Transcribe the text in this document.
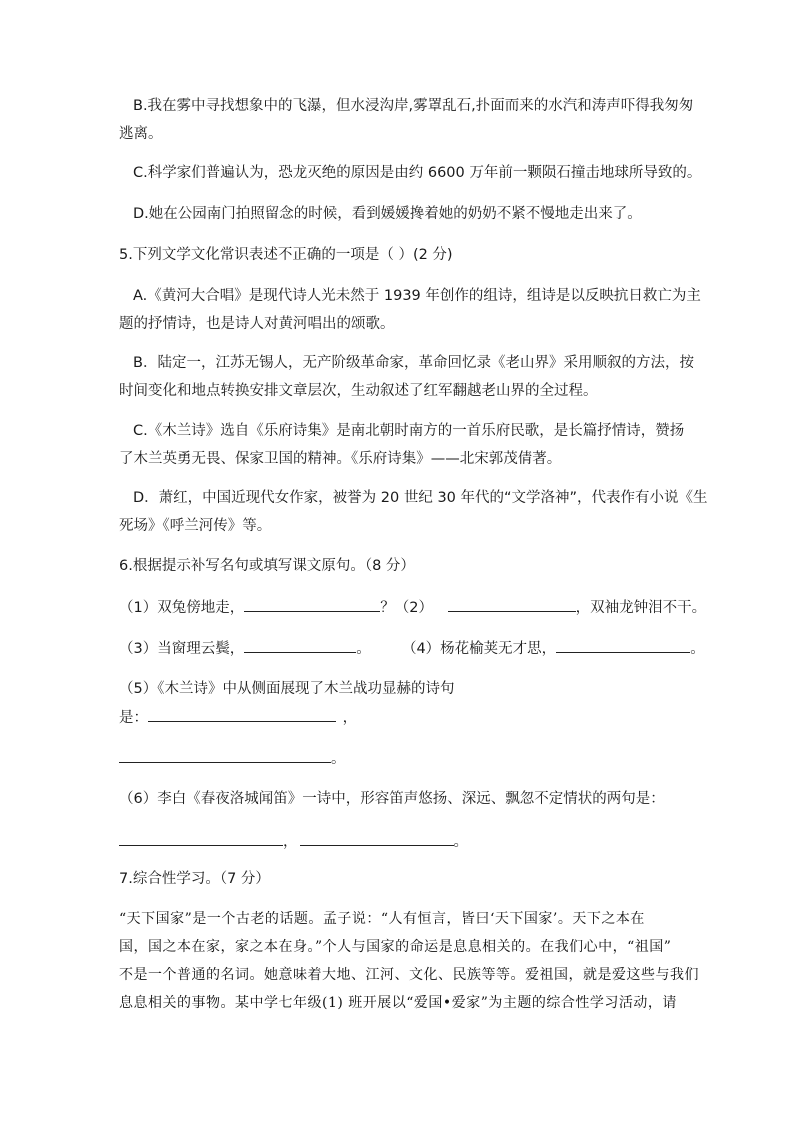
B.我在雾中寻找想象中的飞瀑，但水浸沟岸,雾罩乱石,扑面而来的水汽和涛声吓得我匆匆
逃离。
C.科学家们普遍认为，恐龙灭绝的原因是由约 6600 万年前一颗陨石撞击地球所导致的。
D.她在公园南门拍照留念的时候，看到媛媛搀着她的奶奶不紧不慢地走出来了。
5.下列文学文化常识表述不正确的一项是（ ）(2 分)
A.《黄河大合唱》是现代诗人光未然于 1939 年创作的组诗，组诗是以反映抗日救亡为主
题的抒情诗，也是诗人对黄河唱出的颂歌。
B．陆定一，江苏无锡人，无产阶级革命家，革命回忆录《老山界》采用顺叙的方法，按
时间变化和地点转换安排文章层次，生动叙述了红军翻越老山界的全过程。
C.《木兰诗》选自《乐府诗集》是南北朝时南方的一首乐府民歌，是长篇抒情诗，赞扬
了木兰英勇无畏、保家卫国的精神。《乐府诗集》——北宋郭茂倩著。
D．萧红，中国近现代女作家，被誉为 20 世纪 30 年代的“文学洛神”，代表作有小说《生
死场》《呼兰河传》等。
6.根据提示补写名句或填写课文原句。（8 分）
（1）双兔傍地走，	？（2）	，双袖龙钟泪不干。
（3）当窗理云鬓，	。 （4）杨花榆荚无才思，	。
（5）《木兰诗》中从侧面展现了木兰战功显赫的诗句
是：	，
。
（6）李白《春夜洛城闻笛》一诗中，形容笛声悠扬、深远、飘忽不定情状的两句是：
，	。
7.综合性学习。（7 分）
“天下国家”是一个古老的话题。孟子说：“人有恒言，皆曰‘天下国家’。天下之本在
国，国之本在家，家之本在身。”个人与国家的命运是息息相关的。在我们心中，“祖国”
不是一个普通的名词。她意味着大地、江河、文化、民族等等。爱祖国，就是爱这些与我们
息息相关的事物。某中学七年级(1) 班开展以“爱国•爱家”为主题的综合性学习活动，请
